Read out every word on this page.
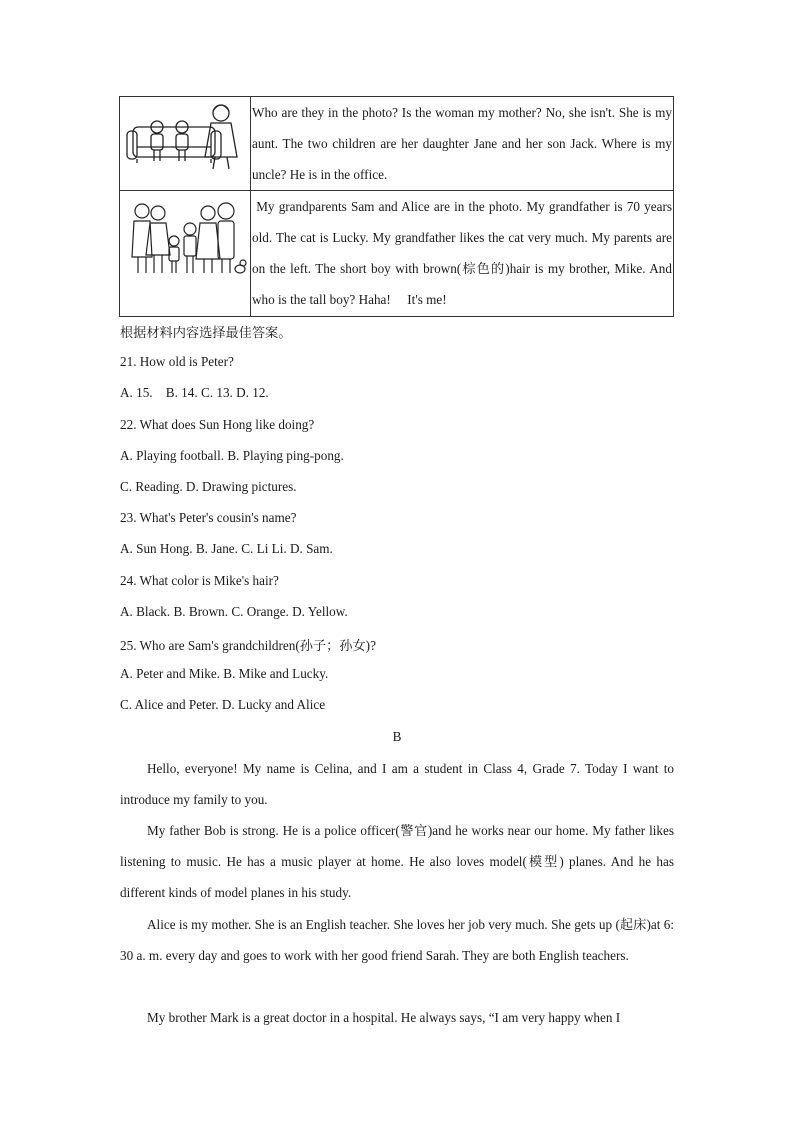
	Who are they in the photo? Is the woman my mother? No, she isn't. She is my aunt. The two children are her daughter Jane and her son Jack. Where is my uncle? He is in the office.

	My grandparents Sam and Alice are in the photo. My grandfather is 70 years old. The cat is Lucky. My grandfather likes the cat very much. My parents are on the left. The short boy with brown(棕色的)hair is my brother, Mike. And who is the tall boy? Haha!     It's me!
根据材料内容选择最佳答案。
21. How old is Peter?
A. 15.    B. 14. C. 13. D. 12.
22. What does Sun Hong like doing?
A. Playing football. B. Playing ping-pong.
C. Reading. D. Drawing pictures.
23. What's Peter's cousin's name?
A. Sun Hong. B. Jane. C. Li Li. D. Sam.
24. What color is Mike's hair?
A. Black. B. Brown. C. Orange. D. Yellow.
25. Who are Sam's grandchildren(孙子；孙女)?
A. Peter and Mike. B. Mike and Lucky.
C. Alice and Peter. D. Lucky and Alice
B
Hello, everyone! My name is Celina, and I am a student in Class 4, Grade 7. Today I want to introduce my family to you.
My father Bob is strong. He is a police officer(警官)and he works near our home. My father likes listening to music. He has a music player at home. He also loves model(模型) planes. And he has different kinds of model planes in his study.
Alice is my mother. She is an English teacher. She loves her job very much. She gets up (起床)at 6: 30 a. m. every day and goes to work with her good friend Sarah. They are both English teachers.
My brother Mark is a great doctor in a hospital. He always says, “I am very happy when I
